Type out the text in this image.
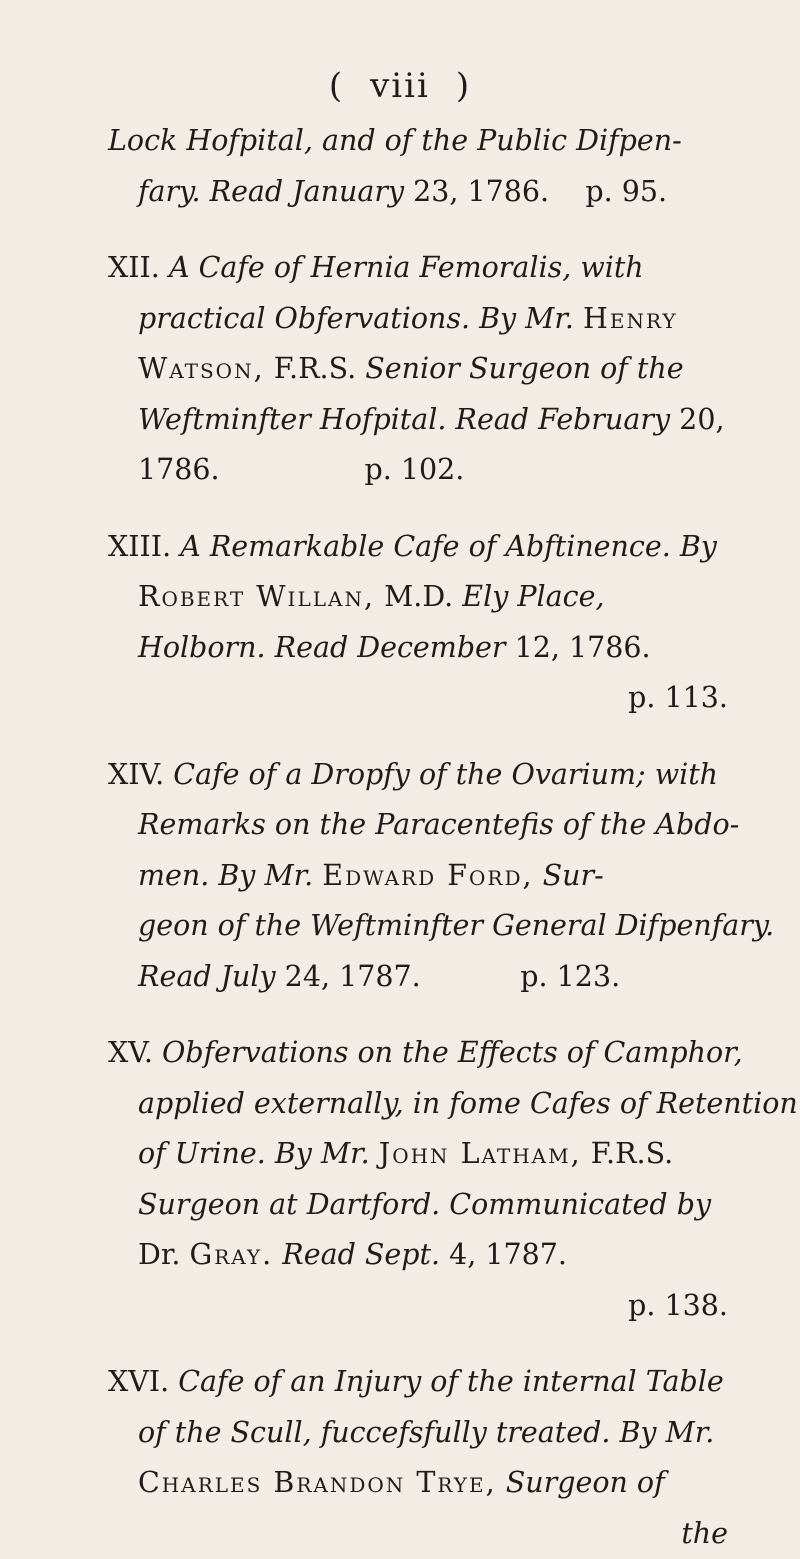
( viii )
Lock Hofpital, and of the Public Difpen-
fary. Read January 23, 1786.    p. 95.
XII. A Cafe of Hernia Femoralis, with
practical Obfervations. By Mr. Henry
Watson, F.R.S. Senior Surgeon of the
Weftminfter Hofpital. Read February 20,
1786.                p. 102.
XIII. A Remarkable Cafe of Abftinence. By
Robert Willan, M.D. Ely Place,
Holborn. Read December 12, 1786.
p. 113.
XIV. Cafe of a Dropfy of the Ovarium; with
Remarks on the Paracentefis of the Abdo-
men. By Mr. Edward Ford, Sur-
geon of the Weftminfter General Difpenfary.
Read July 24, 1787.           p. 123.
XV. Obfervations on the Effects of Camphor,
applied externally, in fome Cafes of Retention
of Urine. By Mr. John Latham, F.R.S.
Surgeon at Dartford. Communicated by
Dr. Gray. Read Sept. 4, 1787.
p. 138.
XVI. Cafe of an Injury of the internal Table
of the Scull, fuccefsfully treated. By Mr.
Charles Brandon Trye, Surgeon of
the
